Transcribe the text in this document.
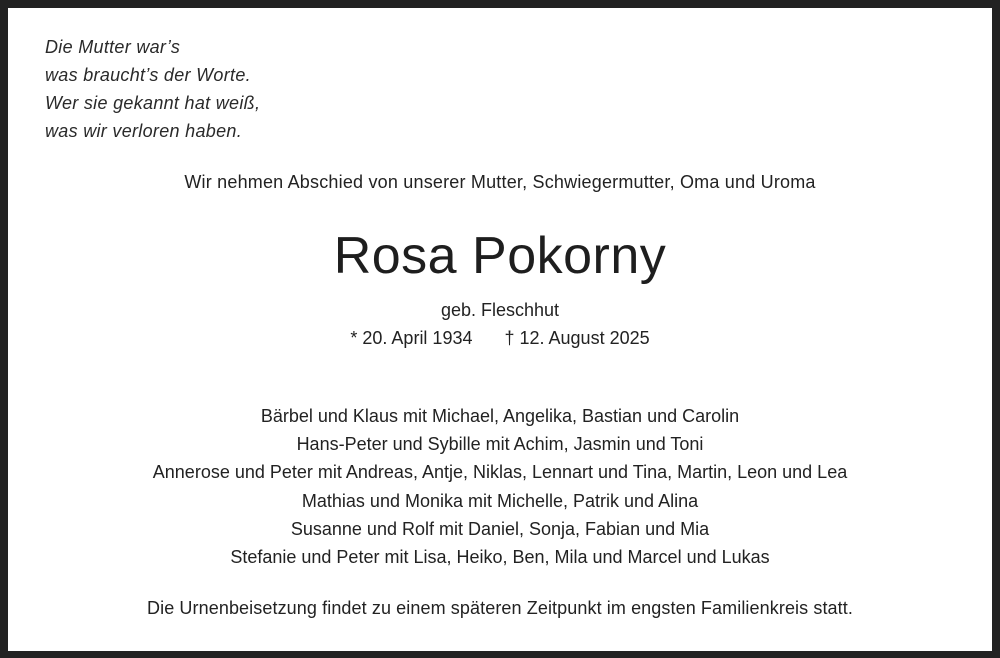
Die Mutter war’s
was braucht’s der Worte.
Wer sie gekannt hat weiß,
was wir verloren haben.
Wir nehmen Abschied von unserer Mutter, Schwiegermutter, Oma und Uroma
Rosa Pokorny
geb. Fleschhut
* 20. April 1934 † 12. August 2025
Bärbel und Klaus mit Michael, Angelika, Bastian und Carolin
Hans-Peter und Sybille mit Achim, Jasmin und Toni
Annerose und Peter mit Andreas, Antje, Niklas, Lennart und Tina, Martin, Leon und Lea
Mathias und Monika mit Michelle, Patrik und Alina
Susanne und Rolf mit Daniel, Sonja, Fabian und Mia
Stefanie und Peter mit Lisa, Heiko, Ben, Mila und Marcel und Lukas
Die Urnenbeisetzung findet zu einem späteren Zeitpunkt im engsten Familienkreis statt.
